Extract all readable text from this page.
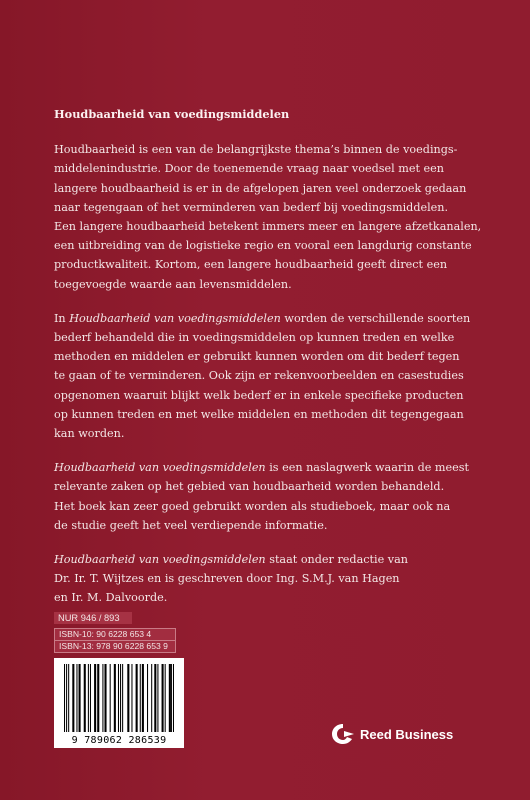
Houdbaarheid van voedingsmiddelen
Houdbaarheid is een van de belangrijkste thema’s binnen de voedings-
middelenindustrie. Door de toenemende vraag naar voedsel met een
langere houdbaarheid is er in de afgelopen jaren veel onderzoek gedaan
naar tegengaan of het verminderen van bederf bij voedingsmiddelen.
Een langere houdbaarheid betekent immers meer en langere afzetkanalen,
een uitbreiding van de logistieke regio en vooral een langdurig constante
productkwaliteit. Kortom, een langere houdbaarheid geeft direct een
toegevoegde waarde aan levensmiddelen.
In Houdbaarheid van voedingsmiddelen worden de verschillende soorten
bederf behandeld die in voedingsmiddelen op kunnen treden en welke
methoden en middelen er gebruikt kunnen worden om dit bederf tegen
te gaan of te verminderen. Ook zijn er rekenvoorbeelden en casestudies
opgenomen waaruit blijkt welk bederf er in enkele specifieke producten
op kunnen treden en met welke middelen en methoden dit tegengegaan
kan worden.
Houdbaarheid van voedingsmiddelen is een naslagwerk waarin de meest
relevante zaken op het gebied van houdbaarheid worden behandeld.
Het boek kan zeer goed gebruikt worden als studieboek, maar ook na
de studie geeft het veel verdiepende informatie.
Houdbaarheid van voedingsmiddelen staat onder redactie van
Dr. Ir. T. Wijtzes en is geschreven door Ing. S.M.J. van Hagen
en Ir. M. Dalvoorde.
NUR 946 / 893
ISBN-10: 90 6228 653 4
ISBN-13: 978 90 6228 653 9
9 789062 286539	Reed Business
